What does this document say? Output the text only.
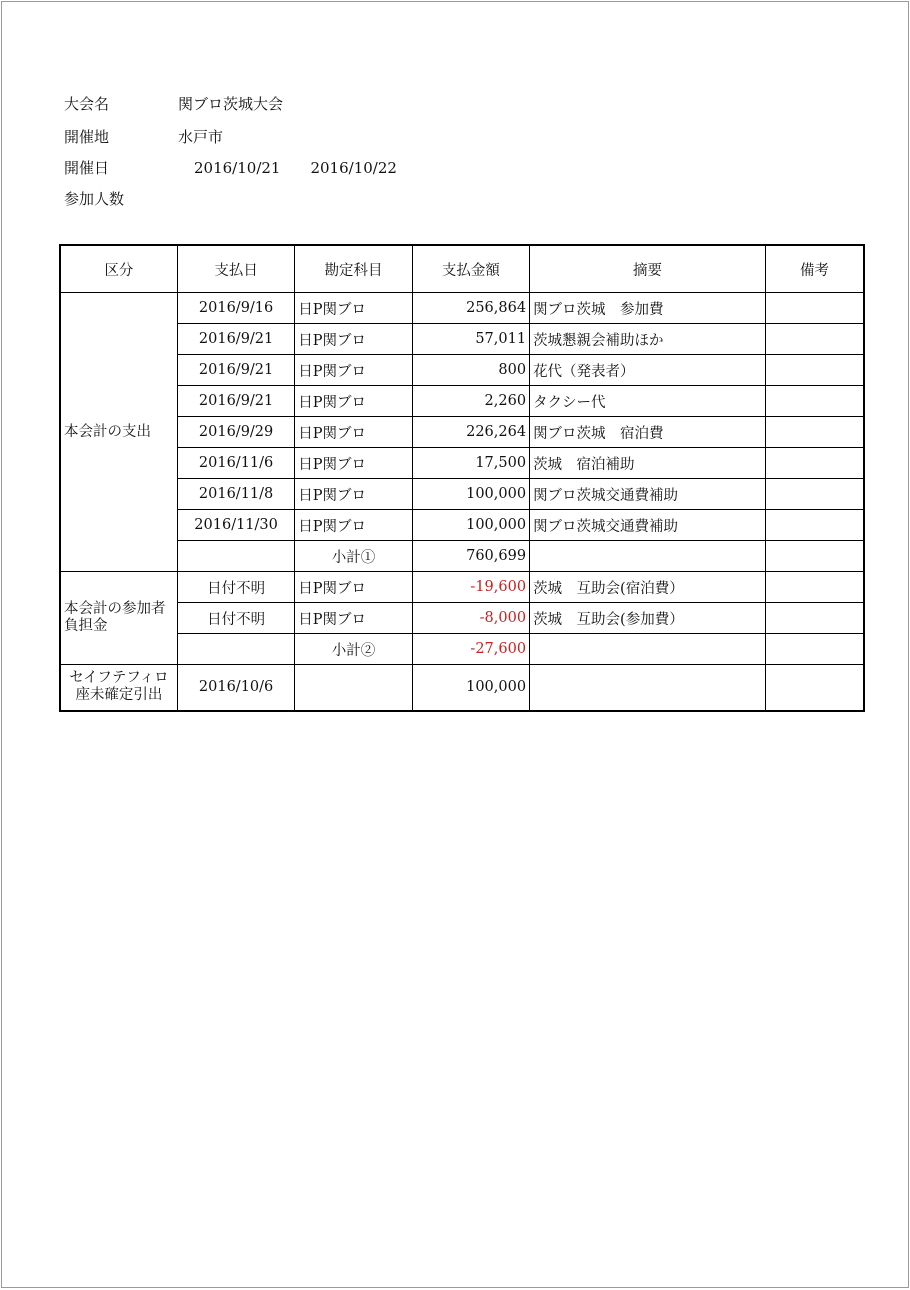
大会名	関ブロ茨城大会
開催地	水戸市
開催日	2016/10/21 2016/10/22
参加人数
区分	支払日	勘定科目	支払金額	摘要	備考
本会計の支出	2016/9/16	日P関ブロ	256,864	関ブロ茨城　参加費	
	2016/9/21	日P関ブロ	57,011	茨城懇親会補助ほか	
	2016/9/21	日P関ブロ	800	花代（発表者）	
	2016/9/21	日P関ブロ	2,260	タクシー代	
	2016/9/29	日P関ブロ	226,264	関ブロ茨城　宿泊費	
	2016/11/6	日P関ブロ	17,500	茨城　宿泊補助	
	2016/11/8	日P関ブロ	100,000	関ブロ茨城交通費補助	
	2016/11/30	日P関ブロ	100,000	関ブロ茨城交通費補助	
		小計①	760,699		
本会計の参加者負担金	日付不明	日P関ブロ	-19,600	茨城　互助会(宿泊費）	
	日付不明	日P関ブロ	-8,000	茨城　互助会(参加費）	
		小計②	-27,600		
セイフテフィロ座未確定引出	2016/10/6		100,000		
